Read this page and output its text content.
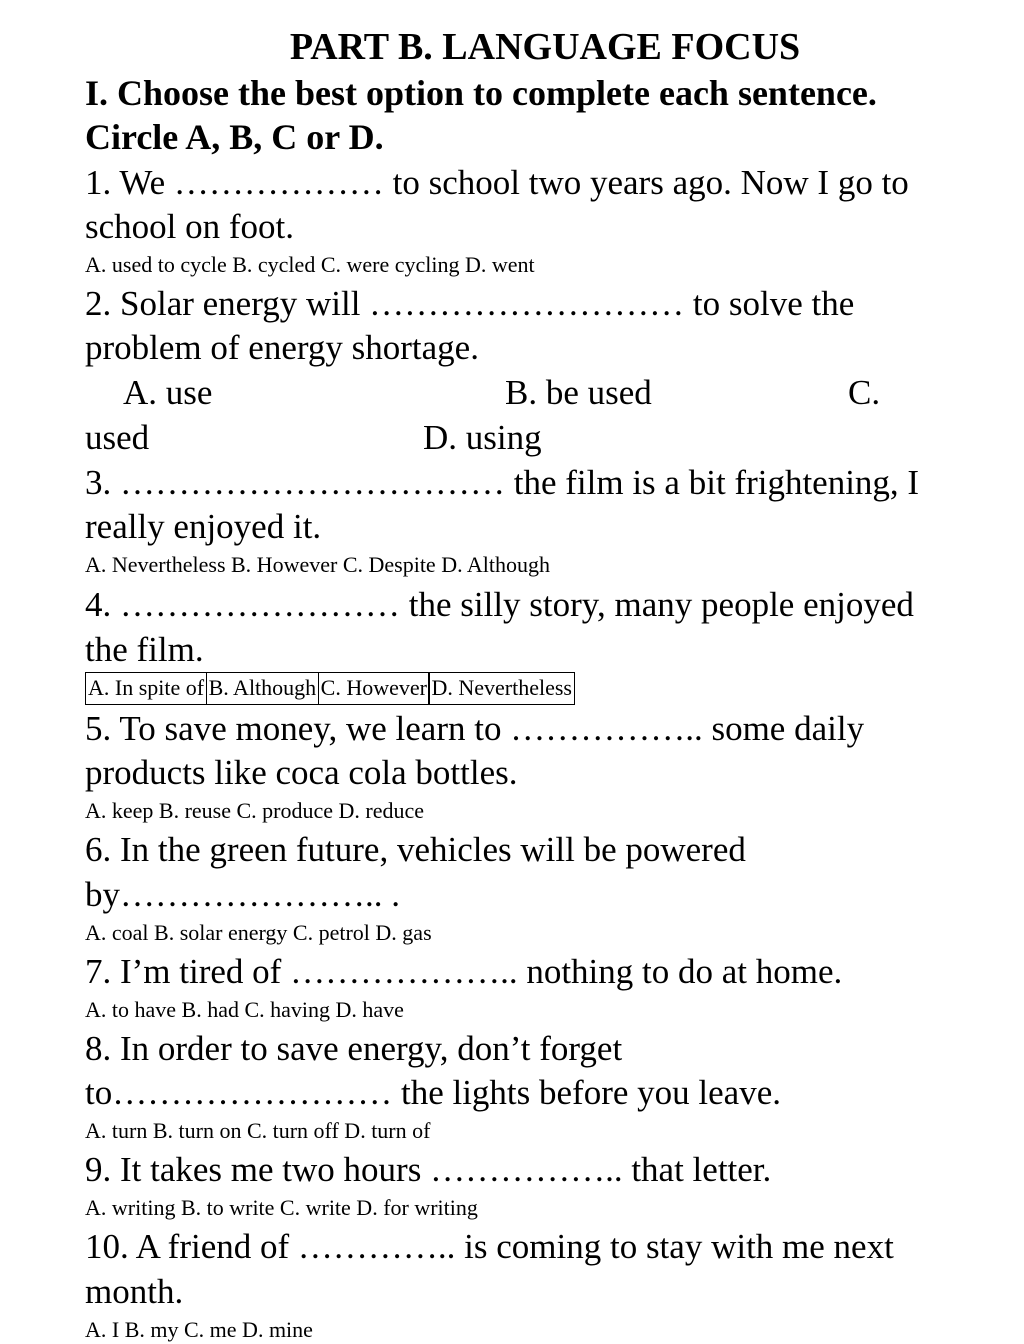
PART B. LANGUAGE FOCUS
I. Choose the best option to complete each sentence.
Circle A, B, C or D.
1. We ……………… to school two years ago. Now I go to
school on foot.
A. used to cycle B. cycled C. were cycling D. went
2. Solar energy will ……………………… to solve the
problem of energy shortage.
A. use	B. be used	C.
used	D. using
3. …………………………… the film is a bit frightening, I
really enjoyed it.
A. Nevertheless B. However C. Despite D. Although
4. …………………… the silly story, many people enjoyed
the film.
A. In spite of B. Although C. However D. Nevertheless
5. To save money, we learn to …………….. some daily
products like coca cola bottles.
A. keep B. reuse C. produce D. reduce
6. In the green future, vehicles will be powered
by………………….. .
A. coal B. solar energy C. petrol D. gas
7. I’m tired of ……………….. nothing to do at home.
A. to have B. had C. having D. have
8. In order to save energy, don’t forget
to…………………… the lights before you leave.
A. turn B. turn on C. turn off D. turn of
9. It takes me two hours …………….. that letter.
A. writing B. to write C. write D. for writing
10. A friend of ………….. is coming to stay with me next
month.
A. I B. my C. me D. mine
